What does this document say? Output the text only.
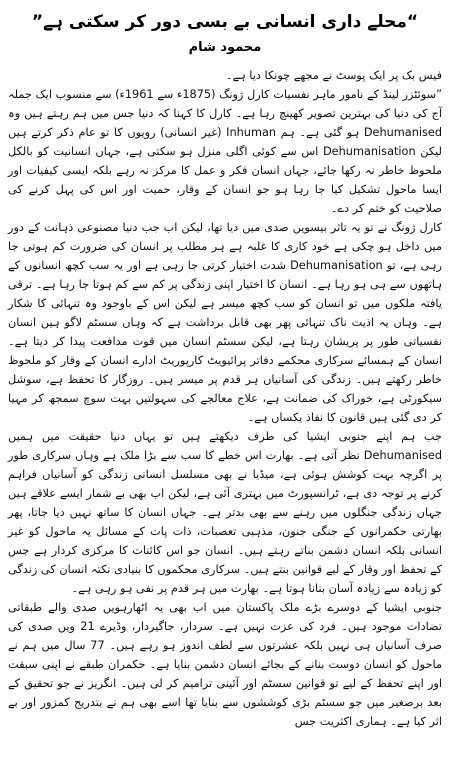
“محلے داری انسانی بے بسی دور کر سکتی ہے”
محمود شام

فیس بک پر ایک پوسٹ نے مجھے چونکا دیا ہے۔

”سوئٹزر لینڈ کے نامور ماہر نفسیات کارل ژونگ (1875ء سے 1961ء) سے منسوب ایک جملہ آج کی دنیا کی بہترین تصویر کھینچ رہا ہے۔ کارل کا کہنا کہ دنیا جس میں ہم رہتے ہیں وہ Dehumanised ہو گئی ہے۔ ہم Inhuman (غیر انسانی) رویوں کا تو عام ذکر کرتے ہیں لیکن Dehumanisation اس سے کوئی اگلی منزل ہو سکتی ہے، جہاں انسانیت کو بالکل ملحوظ خاطر نہ رکھا جائے، جہاں انسان فکر و عمل کا مرکز نہ رہے بلکہ ایسی کیفیات اور ایسا ماحول تشکیل کیا جا رہا ہو جو انسان کے وقار، حمیت اور اس کی پہل کرنے کی صلاحیت کو ختم کر دے۔

کارل ژونگ نے تو یہ تاثر بیسویں صدی میں دیا تھا، لیکن اب جب دنیا مصنوعی ذہانت کے دور میں داخل ہو چکی ہے خود کاری کا غلبہ ہے ہر مطلب پر انسان کی ضرورت کم ہوتی جا رہی ہے، تو Dehumanisation شدت اختیار کرتی جا رہی ہے اور یہ سب کچھ انسانوں کے ہاتھوں سے ہی ہو رہا ہے۔ انسان کا اختیار اپنی زندگی پر کم سے کم ہوتا جا رہا ہے۔ ترقی یافتہ ملکوں میں تو انسان کو سب کچھ میسر ہے لیکن اس کے باوجود وہ تنہائی کا شکار ہے۔ وہاں یہ اذیت ناک تنہائی پھر بھی قابل برداشت ہے کہ وہاں سسٹم لاگو ہیں انسان نفسیاتی طور پر پریشان رہتا ہے، لیکن سسٹم انسان میں قوت مدافعت پیدا کر دیتا ہے۔ انسان کے ہمسائے سرکاری محکمے دفاتر پرائیویٹ کارپوریٹ ادارے انسان کے وقار کو ملحوظ خاطر رکھتے ہیں۔ زندگی کی آسانیاں ہر قدم پر میسر ہیں۔ روزگار کا تحفظ ہے، سوشل سیکورٹی ہے، خوراک کی ضمانت ہے، علاج معالجے کی سہولتیں بہت سوچ سمجھ کر مہیا کر دی گئی ہیں قانون کا نفاذ یکساں ہے۔

جب ہم اپنے جنوبی ایشیا کی طرف دیکھتے ہیں تو یہاں دنیا حقیقت میں ہمیں Dehumanised نظر آتی ہے۔ بھارت اس خطے کا سب سے بڑا ملک ہے وہاں سرکاری طور پر اگرچہ بہت کوشش ہوئی ہے، میڈیا نے بھی مسلسل انسانی زندگی کو آسانیاں فراہم کرنے پر توجہ دی ہے، ٹرانسپورٹ میں بہتری آئی ہے، لیکن اب بھی بے شمار ایسے علاقے ہیں جہاں زندگی جنگلوں میں رہنے سے بھی بدتر ہے۔ جہاں انسان کا ساتھ نہیں دیا جاتا، پھر بھارتی حکمرانوں کے جنگی جنون، مذہبی تعصبات، ذات پات کے مسائل یہ ماحول کو غیر انسانی بلکہ انسان دشمن بناتے رہتے ہیں۔ انسان جو اس کائنات کا مرکزی کردار ہے جس کے تحفظ اور وقار کے لیے قوانین بنتے ہیں۔ سرکاری محکموں کا بنیادی نکتہ انسان کی زندگی کو زیادہ سے زیادہ آسان بنانا ہوتا ہے۔ بھارت میں ہر قدم پر نفی ہو رہی ہے۔

جنوبی ایشیا کے دوسرے بڑے ملک پاکستان میں اب بھی یہ اٹھارہویں صدی والے طبقاتی تضادات موجود ہیں۔ فرد کی عزت نہیں ہے۔ سردار، جاگیردار، وڈیرے 21 ویں صدی کی صرف آسانیاں ہی نہیں بلکہ عشرتوں سے لطف اندوز ہو رہے ہیں۔ 77 سال میں ہم نے ماحول کو انسان دوست بنانے کے بجائے انسان دشمن بنایا ہے۔ حکمران طبقے نے اپنی سبقت اور اپنے تحفظ کے لیے تو قوانین سسٹم اور آئینی ترامیم کر لی ہیں۔ انگریز نے جو تحقیق کے بعد برصغیر میں جو سسٹم بڑی کوششوں سے بنایا تھا اسے بھی ہم نے بتدریج کمزور اور بے اثر کیا ہے۔ ہماری اکثریت جس
